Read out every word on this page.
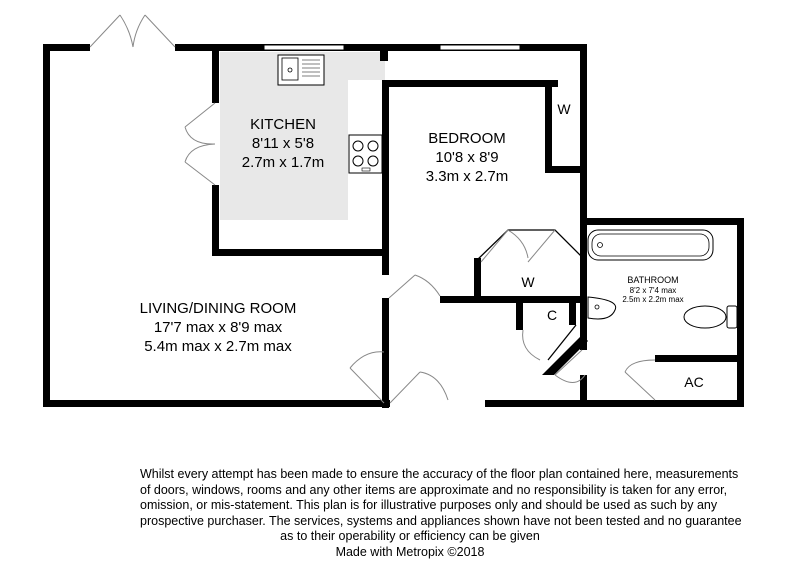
LIVING/DINING ROOM
17'7 max x 8'9 max
5.4m max x 2.7m max
KITCHEN
8'11 x 5'8
2.7m x 1.7m
BEDROOM
10'8 x 8'9
3.3m x 2.7m
BATHROOM
8'2 x 7'4 max
2.5m x 2.2m max
W
W
C
AC
Whilst every attempt has been made to ensure the accuracy of the floor plan contained here, measurements
of doors, windows, rooms and any other items are approximate and no responsibility is taken for any error,
omission, or mis-statement. This plan is for illustrative purposes only and should be used as such by any
prospective purchaser. The services, systems and appliances shown have not been tested and no guarantee
as to their operability or efficiency can be given
Made with Metropix ©2018
